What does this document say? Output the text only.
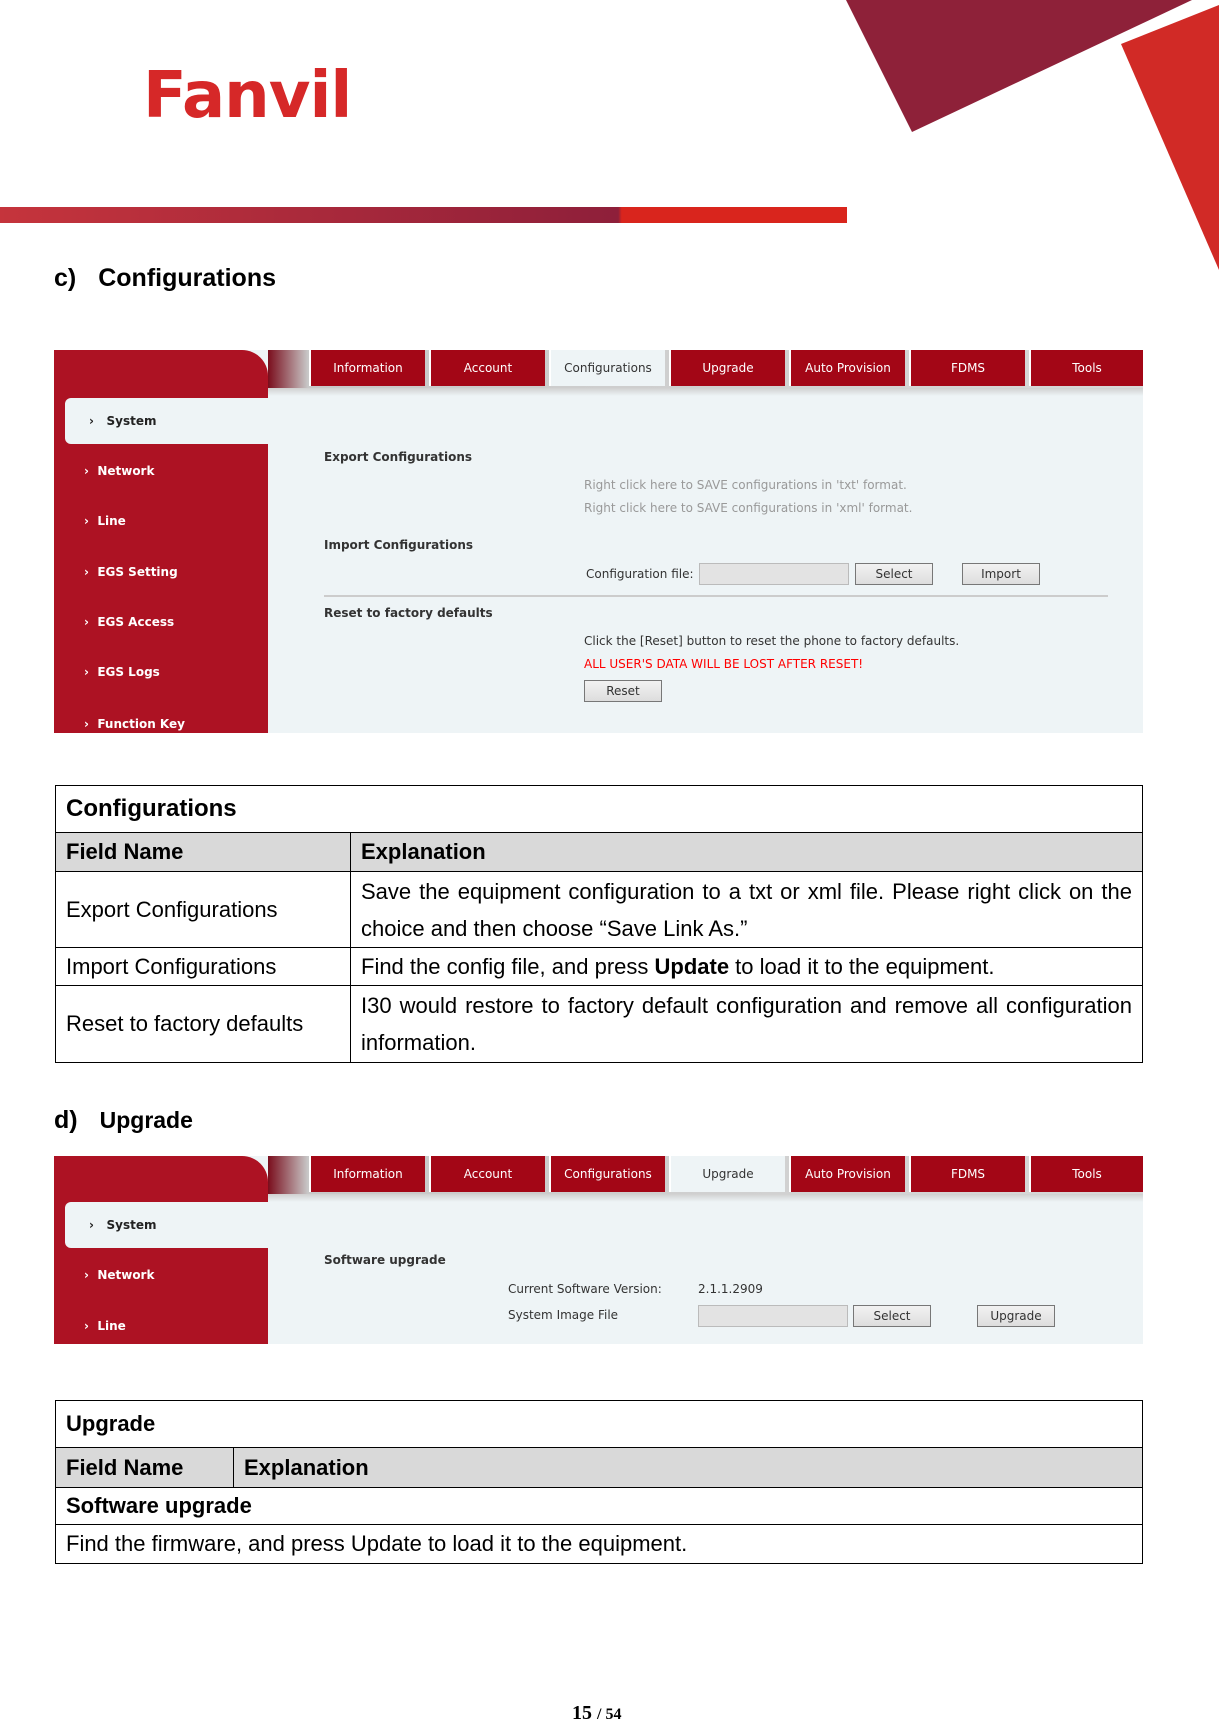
Fanvil
c) Configurations
Information	Account	Configurations	Upgrade	Auto Provision	FDMS	Tools
› System
›  Network
›  Line
›  EGS Setting
›  EGS Access
›  EGS Logs
›  Function Key
Export Configurations
Right click here to SAVE configurations in 'txt' format.
Right click here to SAVE configurations in 'xml' format.
Import Configurations
Configuration file:	Select	Import
Reset to factory defaults
Click the [Reset] button to reset the phone to factory defaults.
ALL USER'S DATA WILL BE LOST AFTER RESET!
Reset
Configurations	
Field Name	Explanation
Export Configurations	Save the equipment configuration to a txt or xml file. Please right click on the choice and then choose “Save Link As.”
Import Configurations	Find the config file, and press Update to load it to the equipment.
Reset to factory defaults	I30 would restore to factory default configuration and remove all configuration information.
d) Upgrade
Information	Account	Configurations	Upgrade	Auto Provision	FDMS	Tools
› System
›  Network
›  Line
Software upgrade
Current Software Version:	2.1.1.2909
System Image File	Select	Upgrade
Upgrade
Field Name	Explanation
Software upgrade
Find the firmware, and press Update to load it to the equipment.
15 / 54
